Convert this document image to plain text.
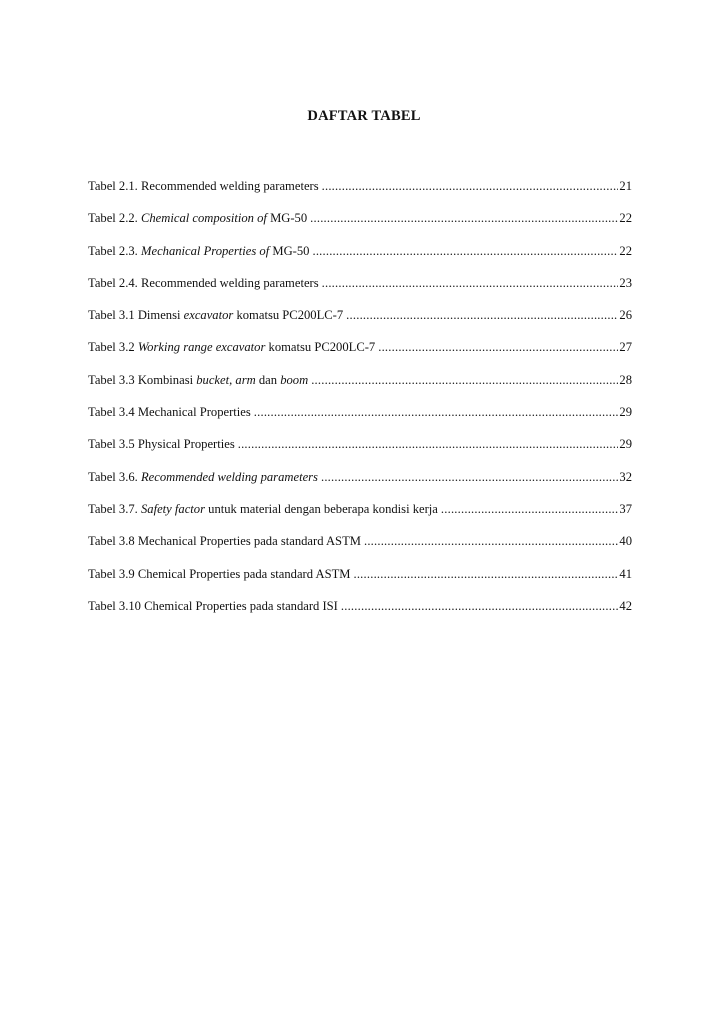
DAFTAR TABEL
Tabel 2.1. Recommended welding parameters .....	21
Tabel 2.2. Chemical composition of MG-50 .....	22
Tabel 2.3. Mechanical Properties of MG-50 .....	22
Tabel 2.4. Recommended welding parameters .....	23
Tabel 3.1 Dimensi excavator komatsu PC200LC-7 .....	26
Tabel 3.2 Working range excavator komatsu PC200LC-7 .....	27
Tabel 3.3 Kombinasi bucket, arm dan boom .....	28
Tabel 3.4 Mechanical Properties .....	29
Tabel 3.5 Physical Properties .....	29
Tabel 3.6. Recommended welding parameters .....	32
Tabel 3.7. Safety factor untuk material dengan beberapa kondisi kerja .....	37
Tabel 3.8 Mechanical Properties pada standard ASTM .....	40
Tabel 3.9 Chemical Properties pada standard ASTM .....	41
Tabel 3.10 Chemical Properties pada standard ISI .....	42
